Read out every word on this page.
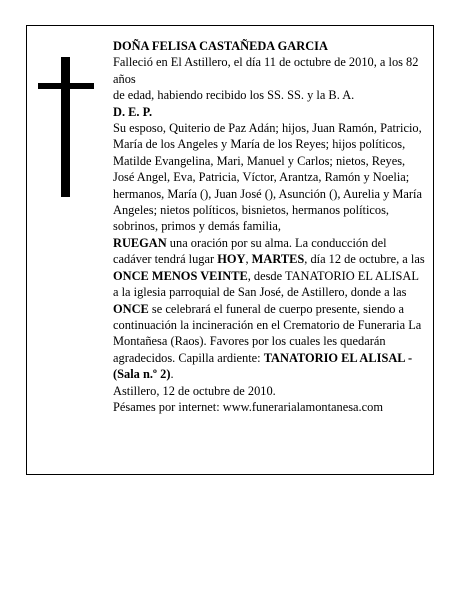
DOÑA FELISA CASTAÑEDA GARCIA

Falleció en El Astillero, el día 11 de octubre de 2010, a los 82 años

de edad, habiendo recibido los SS. SS. y la B. A.

D. E. P.

Su esposo, Quiterio de Paz Adán; hijos, Juan Ramón, Patricio, María de los Angeles y María de los Reyes; hijos políticos, Matilde Evangelina, Mari, Manuel y Carlos; nietos, Reyes, José Angel, Eva, Patricia, Víctor, Arantza, Ramón y Noelia; hermanos, María (), Juan José (), Asunción (), Aurelia y María Angeles; nietos políticos, bisnietos, hermanos políticos, sobrinos, primos y demás familia,

RUEGAN una oración por su alma. La conducción del cadáver tendrá lugar HOY, MARTES, día 12 de octubre, a las ONCE MENOS VEINTE, desde TANATORIO EL ALISAL a la iglesia parroquial de San José, de Astillero, donde a las ONCE se celebrará el funeral de cuerpo presente, siendo a continuación la incineración en el Crematorio de Funeraria La Montañesa (Raos). Favores por los cuales les quedarán agradecidos. Capilla ardiente: TANATORIO EL ALISAL - (Sala n.º 2).

Astillero, 12 de octubre de 2010.

Pésames por internet: www.funerarialamontanesa.com
